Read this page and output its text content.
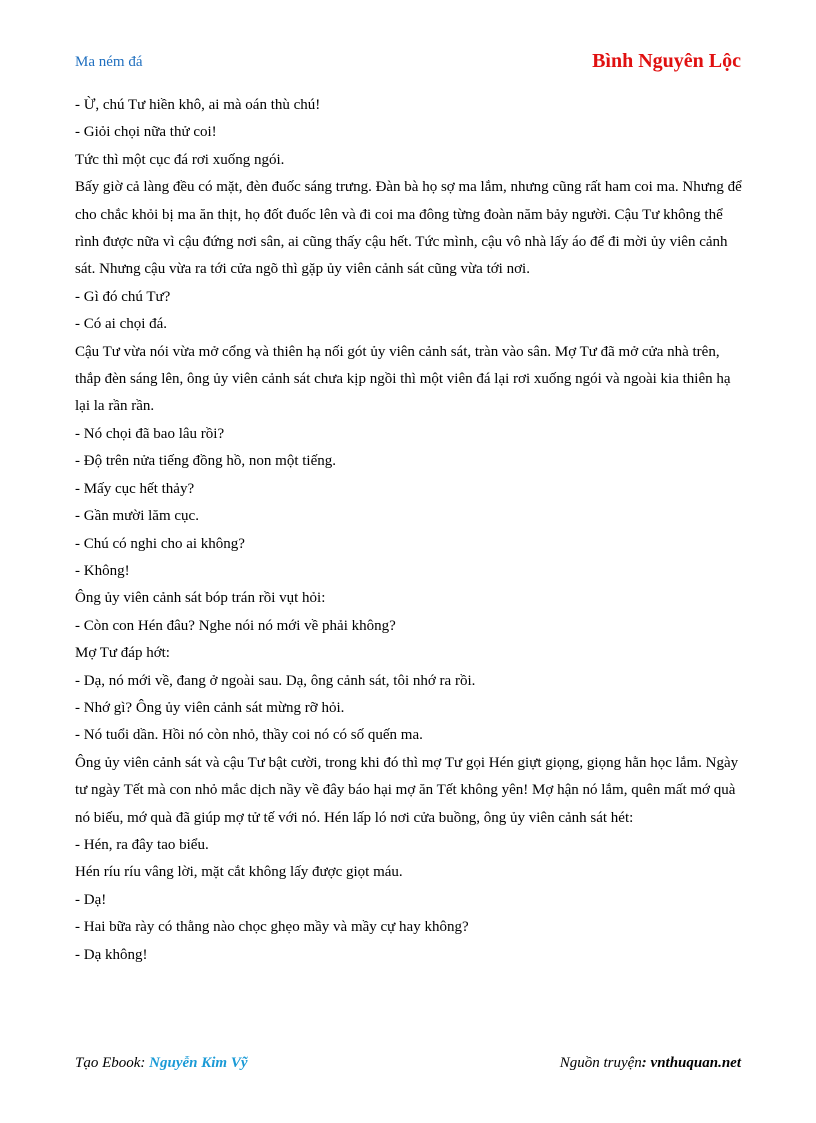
Ma ném đá	Bình Nguyên Lộc

- Ừ, chú Tư hiền khô, ai mà oán thù chú!

- Giỏi chọi nữa thử coi!

Tức thì một cục đá rơi xuống ngói.

Bấy giờ cả làng đều có mặt, đèn đuốc sáng trưng. Đàn bà họ sợ ma lắm, nhưng cũng rất ham coi ma. Nhưng để cho chắc khỏi bị ma ăn thịt, họ đốt đuốc lên và đi coi ma đông từng đoàn năm bảy người. Cậu Tư không thể rình được nữa vì cậu đứng nơi sân, ai cũng thấy cậu hết. Tức mình, cậu vô nhà lấy áo để đi mời ủy viên cảnh sát. Nhưng cậu vừa ra tới cửa ngõ thì gặp ủy viên cảnh sát cũng vừa tới nơi.

- Gì đó chú Tư?

- Có ai chọi đá.

Cậu Tư vừa nói vừa mở cổng và thiên hạ nối gót ủy viên cảnh sát, tràn vào sân. Mợ Tư đã mở cửa nhà trên, thắp đèn sáng lên, ông ủy viên cảnh sát chưa kịp ngồi thì một viên đá lại rơi xuống ngói và ngoài kia thiên hạ lại la rần rần.

- Nó chọi đã bao lâu rồi?

- Độ trên nửa tiếng đồng hồ, non một tiếng.

- Mấy cục hết thảy?

- Gần mười lăm cục.

- Chú có nghi cho ai không?

- Không!

Ông ủy viên cảnh sát bóp trán rồi vụt hỏi:

- Còn con Hén đâu? Nghe nói nó mới về phải không?

Mợ Tư đáp hớt:

- Dạ, nó mới về, đang ở ngoài sau. Dạ, ông cảnh sát, tôi nhớ ra rồi.

- Nhớ gì? Ông ủy viên cảnh sát mừng rỡ hỏi.

- Nó tuổi dần. Hồi nó còn nhỏ, thầy coi nó có số quến ma.

Ông ủy viên cảnh sát và cậu Tư bật cười, trong khi đó thì mợ Tư gọi Hén giựt giọng, giọng hằn học lắm. Ngày tư ngày Tết mà con nhỏ mắc dịch nầy về đây báo hại mợ ăn Tết không yên! Mợ hận nó lắm, quên mất mớ quà nó biếu, mớ quà đã giúp mợ tử tế với nó. Hén lấp ló nơi cửa buồng, ông ủy viên cảnh sát hét:

- Hén, ra đây tao biểu.

Hén ríu ríu vâng lời, mặt cắt không lấy được giọt máu.

- Dạ!

- Hai bữa rày có thằng nào chọc ghẹo mầy và mầy cự hay không?

- Dạ không!

Tạo Ebook: Nguyễn Kim Vỹ	Nguồn truyện: vnthuquan.net
